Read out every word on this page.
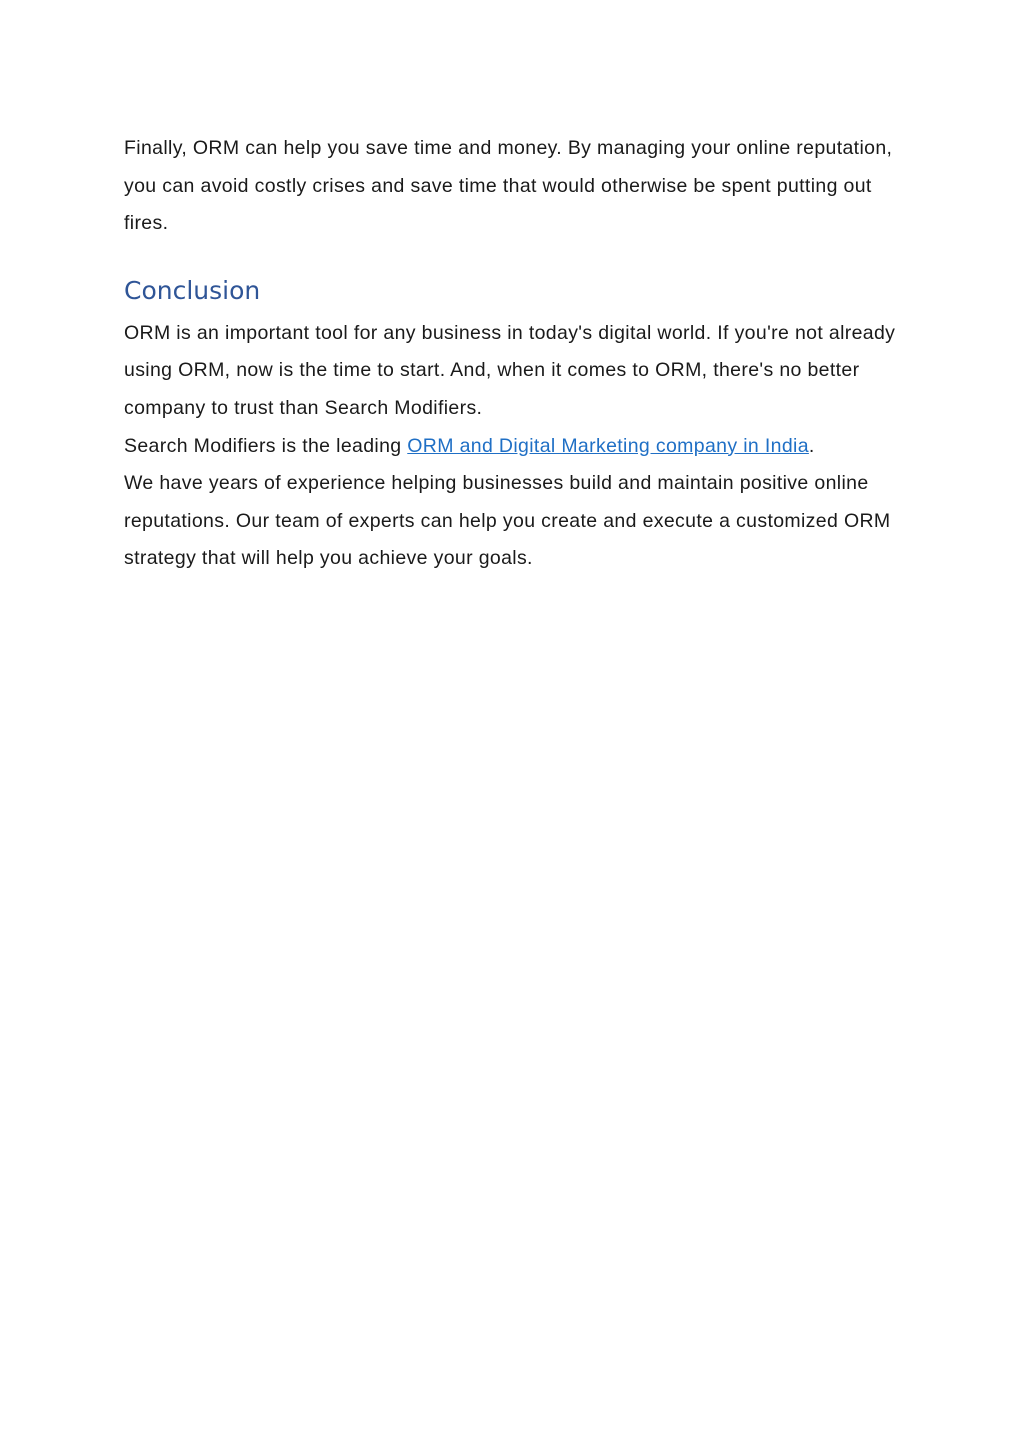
Finally, ORM can help you save time and money. By managing your online reputation, you can avoid costly crises and save time that would otherwise be spent putting out fires.

Conclusion

ORM is an important tool for any business in today's digital world. If you're not already using ORM, now is the time to start. And, when it comes to ORM, there's no better company to trust than Search Modifiers.

Search Modifiers is the leading ORM and Digital Marketing company in India.

We have years of experience helping businesses build and maintain positive online reputations. Our team of experts can help you create and execute a customized ORM strategy that will help you achieve your goals.
